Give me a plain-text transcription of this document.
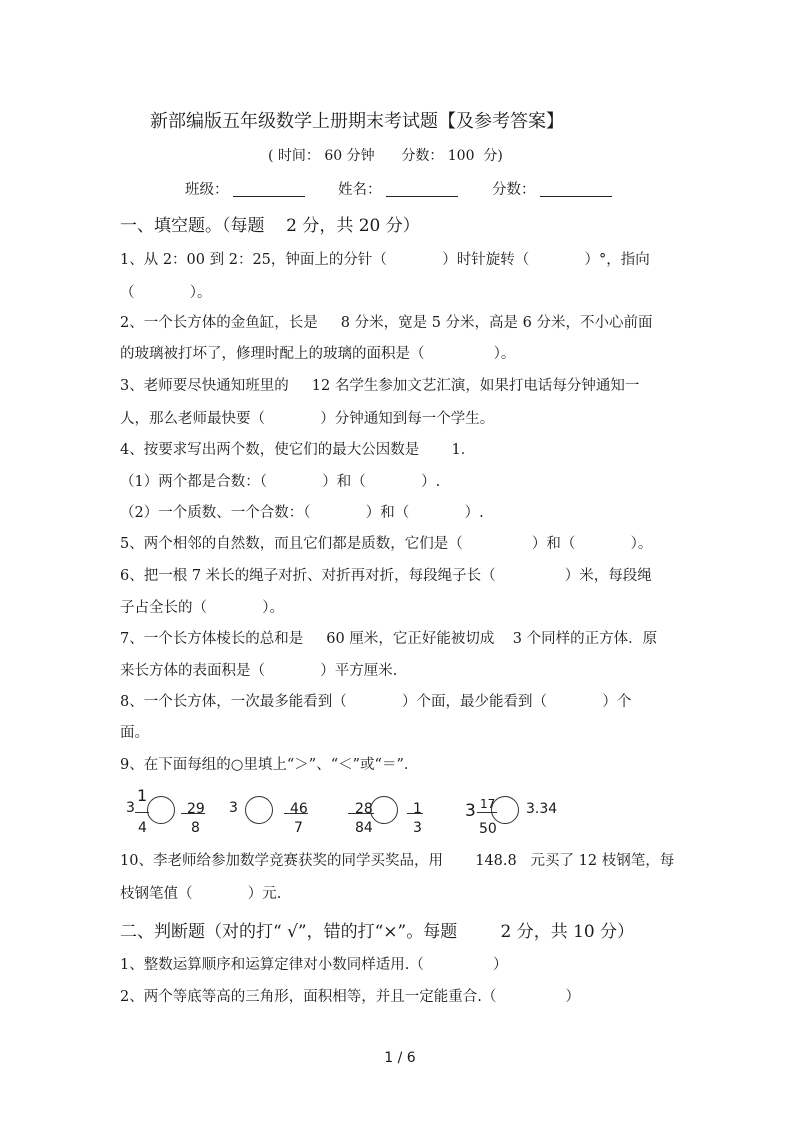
新部编版五年级数学上册期末考试题【及参考答案】
( 时间： 60 分钟      分数： 100  分)
班级：	姓名：	分数：
一、填空题。（每题    2 分，共 20 分）
1、从 2：00 到 2：25，钟面上的分针（            ）时针旋转（            ）°，指向
（            ）。
2、一个长方体的金鱼缸，长是     8 分米，宽是 5 分米，高是 6 分米，不小心前面
的玻璃被打坏了，修理时配上的玻璃的面积是（               ）。
3、老师要尽快通知班里的     12 名学生参加文艺汇演，如果打电话每分钟通知一
人，那么老师最快要（            ）分钟通知到每一个学生。
4、按要求写出两个数，使它们的最大公因数是       1．
（1）两个都是合数：（            ）和（            ）.
（2）一个质数、一个合数：（            ）和（            ）.
5、两个相邻的自然数，而且它们都是质数，它们是（               ）和（            ）。
6、把一根 7 米长的绳子对折、对折再对折，每段绳子长（               ）米，每段绳
子占全长的（            ）。
7、一个长方体棱长的总和是     60 厘米，它正好能被切成    3 个同样的正方体．原
来长方体的表面积是（            ）平方厘米.
8、一个长方体，一次最多能看到（            ）个面，最少能看到（            ）个
面。
9、在下面每组的○里填上“＞”、“＜”或“＝”．
3
1
4
29
8
3	46
7
28
84
1
3
3 17
50
3.34
10、李老师给参加数学竞赛获奖的同学买奖品，用       148.8   元买了 12 枝钢笔，每
枝钢笔值（            ）元.
二、判断题（对的打“ √”，错的打“×”。每题        2 分，共 10 分）
1、整数运算顺序和运算定律对小数同样适用.（               ）
2、两个等底等高的三角形，面积相等，并且一定能重合.（               ）
1 / 6
